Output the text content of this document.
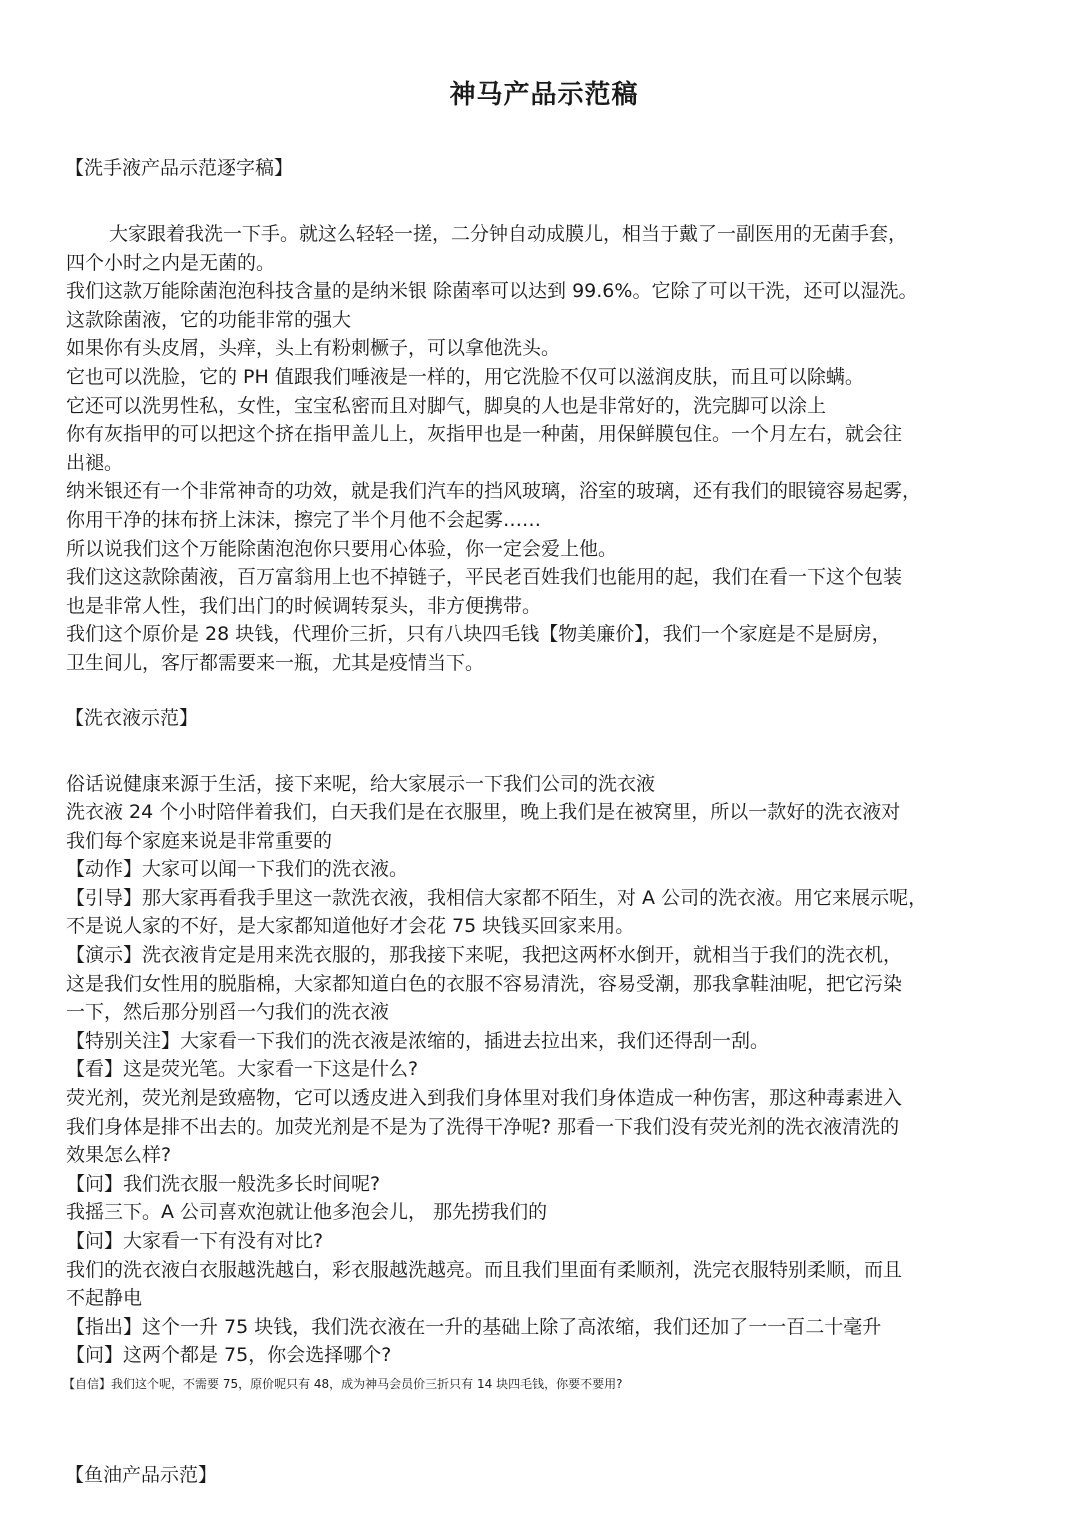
神马产品示范稿
【洗手液产品示范逐字稿】
大家跟着我洗一下手。就这么轻轻一搓，二分钟自动成膜儿，相当于戴了一副医用的无菌手套，
四个小时之内是无菌的。
我们这款万能除菌泡泡科技含量的是纳米银 除菌率可以达到 99.6%。它除了可以干洗，还可以湿洗。
这款除菌液，它的功能非常的强大
如果你有头皮屑，头痒，头上有粉刺橛子，可以拿他洗头。
它也可以洗脸，它的 PH 值跟我们唾液是一样的，用它洗脸不仅可以滋润皮肤，而且可以除螨。
它还可以洗男性私，女性，宝宝私密而且对脚气，脚臭的人也是非常好的，洗完脚可以涂上
你有灰指甲的可以把这个挤在指甲盖儿上，灰指甲也是一种菌，用保鲜膜包住。一个月左右，就会往
出褪。
纳米银还有一个非常神奇的功效，就是我们汽车的挡风玻璃，浴室的玻璃，还有我们的眼镜容易起雾，
你用干净的抹布挤上沫沫，擦完了半个月他不会起雾……
所以说我们这个万能除菌泡泡你只要用心体验，你一定会爱上他。
我们这这款除菌液，百万富翁用上也不掉链子，平民老百姓我们也能用的起，我们在看一下这个包装
也是非常人性，我们出门的时候调转泵头，非方便携带。
我们这个原价是 28 块钱，代理价三折，只有八块四毛钱【物美廉价】，我们一个家庭是不是厨房，
卫生间儿，客厅都需要来一瓶，尤其是疫情当下。
【洗衣液示范】
俗话说健康来源于生活，接下来呢，给大家展示一下我们公司的洗衣液
洗衣液 24 个小时陪伴着我们，白天我们是在衣服里，晚上我们是在被窝里，所以一款好的洗衣液对
我们每个家庭来说是非常重要的
【动作】大家可以闻一下我们的洗衣液。
【引导】那大家再看我手里这一款洗衣液，我相信大家都不陌生，对 A 公司的洗衣液。用它来展示呢，
不是说人家的不好，是大家都知道他好才会花 75 块钱买回家来用。
【演示】洗衣液肯定是用来洗衣服的，那我接下来呢，我把这两杯水倒开，就相当于我们的洗衣机，
这是我们女性用的脱脂棉，大家都知道白色的衣服不容易清洗，容易受潮，那我拿鞋油呢，把它污染
一下，然后那分别舀一勺我们的洗衣液
【特别关注】大家看一下我们的洗衣液是浓缩的，插进去拉出来，我们还得刮一刮。
【看】这是荧光笔。大家看一下这是什么?
荧光剂，荧光剂是致癌物，它可以透皮进入到我们身体里对我们身体造成一种伤害，那这种毒素进入
我们身体是排不出去的。加荧光剂是不是为了洗得干净呢? 那看一下我们没有荧光剂的洗衣液清洗的
效果怎么样?
【问】我们洗衣服一般洗多长时间呢?
我摇三下。A 公司喜欢泡就让他多泡会儿， 那先捞我们的
【问】大家看一下有没有对比?
我们的洗衣液白衣服越洗越白，彩衣服越洗越亮。而且我们里面有柔顺剂，洗完衣服特别柔顺，而且
不起静电
【指出】这个一升 75 块钱，我们洗衣液在一升的基础上除了高浓缩，我们还加了一一百二十毫升
【问】这两个都是 75，你会选择哪个?
【自信】我们这个呢，不需要 75，原价呢只有 48，成为神马会员价三折只有 14 块四毛钱，你要不要用?
【鱼油产品示范】
